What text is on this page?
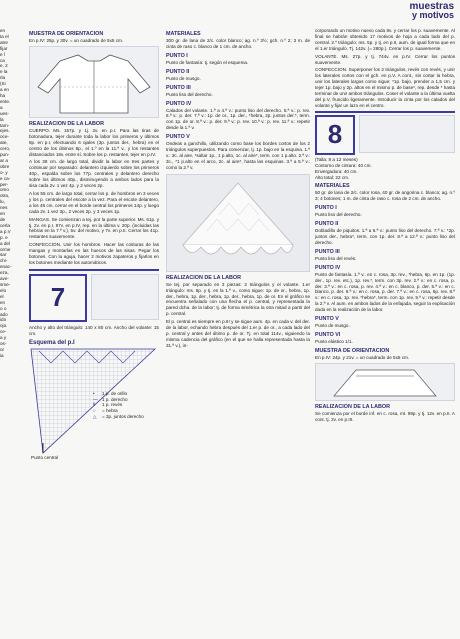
muestras
y motivos
en
ta el
atre
fijar
e l
ca
e, 2
e la
rla
(Si
a en
ha
ente.
a
ues-
la
tam-
ejes.
oce-
ate,
cero,
pun-
ar a
obre
o- y
e ca-
per-
omo
otra,
lu,
nes
en
de
cerla
a p.V
p. e
a del
orme
sar
chi-
enac-
eza,
ave-
sme-
elo
el
en
o o
ado
ido
ojo.
ce-
a y
os-
or
ia
MUESTRA DE ORIENTACION
En p.IV: 25p. y 30v. = un cuadrado de 5x5 cm.
REALIZACION DE LA LABOR
CUERPO. Ms. 157p. y 1j. 2v. en p.I. Para las tiras de botonadura, tejer durante toda la labor los primeros y últimos 8p. en p.I, efectuando 6 ojales (3p. juntos der., hebra) en el centro de los últimos 8p., el 1.º en la 11.ª v., y los restantes distanciados 18v. entre sí. Sobre los p. restantes, tejer en p.IV.
A los 38 cm. de largo total, dividir la labor en tres partes y continuar por separado: delantero izquierdo sobre los primeros 40p., espalda sobre los 77p. centrales y delantero derecho sobre los últimos 40p., disminuyendo a ambos lados para la sisa cada 2v. 1 vez 4p. y 2 veces 2p.
A los 55 cm. de largo total, cerrar los p. de hombros en 3 veces y los p. centrales del escote a la vez. Para el escote delantero, a los 48 cm. cerrar en el borde central los primeros 14p. y luego cada 2v. 1 vez 3p., 2 veces 2p. y 3 veces 1p.
MANGAS. Se comienzan a tej. por la parte superior. Ms. 61p. y tj. 2v. en p.I, 87v. en p.IV, rep. en la última v. 20p. (incluidas las hebras en la 7.ª v.), 5v. del motivo, y 7v. en p.II. Cerrar los 41p. restantes suavemente.
CONFECCION. Unir los hombros. Hacer las costuras de las mangas y montarlas en las huecos de las sisas. Pegar los botones. Con la aguja, hacer 2 motivos zapateros y fijarlos en los botones mediante los automáticos.
7
Ancho y alto del triángulo: 140 x 80 cm. Ancho del volante: 15 cm.
Esquema del p.I
Punto central
•	1 p. de orillo
— 1 p. derecho
‖	1 p. revés
○	= hebra
△	= 3p. juntos derecho
MATERIALES
300 gr. de lana de 2/c. color blanco; ag. n.º 3½; gch. n.º 2; 3 m. de cinta de raso c. blanco de 1 cm. de ancho.
PUNTO I
Punto de fantasía: tj. según el esquema.
PUNTO II
Punto de musgo.
PUNTO III
Punto liso del derecho.
PUNTO IV
Calados del volante. 1.ª a 4.ª v.: punto liso del derecho. 5.ª v.: p. rev. 6.ª v.: p. der. 7.ª v.: 1p. de or., 1p. der., *hebra, 2p. juntos der.*, term. con 1p. de or. 8.ª v.: p. der. 9.ª v.: p. rev. 10.ª v.: p. rev. 11.ª v.: repetir desde la 1.ª v.
PUNTO V
Ondeas a ganchillo, utilizando como base los bordes cortos de los 2 triángulos superpuestos. Para comenzar, tj. 1p. bajo en la esquina. 1.ª v.: 3c. al aire, *saltar 1p., 1 p.alto, 1c. al aire*, term. con 1 p.alto. 2.ª v.: 3c., *1 p.alto en el arco, 2c. al aire*, hasta las esquinas. 3.ª a 5.ª v.: como la 2.ª v.
REALIZACION DE LA LABOR
Se tej. por separado en 3 piezas: 2 triángulos y el volante. 1.er triángulo: ms. 5p. y tj. en la 1.ª v., como sigue: 1p. de or., hebra, 1p. der., hebra, 1p. der., hebra, 1p. der., hebra, 1p. de or. En el gráfico se encuentra señalado con una flecha el p. central, y representada la pared dcha. de la labor; tj. de forma simétrica la otra mitad a partir del p. central.
El p. central es siempre en p.III y se sigue aum. 4p. en cada v. del der. de la labor, echando hebra después del 1.er p. de or., a cada lado del p. central y antes del último p. de or. Tj. en total 114v., siguiendo la misma cadencia del gráfico (en el que se halla representada hasta la 31.ª v.), in-
corporando un motivo nuevo cada 8v. y cerrar los p. suavemente. Al final se habrán obtenido 17 motivos de hoja a cada lado del p. central. 2.º triángulo: ms. 5p. y tj. en p.II, aum. de igual forma que en el 1.er triángulo. Tj. 142v. (= 280p.). Cerrar los p. suavemente.
VOLANTE. Ms. 27p. y tj. 744v. en p.IV. Cerrar los puntos suavemente.
CONFECCION. Superponer los 2 triángulos, revés con revés, y unir los laterales cortos con el gch. en p.V. A cont., sin cortar la hebra, unir los laterales largos como sigue: *1p. bajo, prender a 1,5 cm. y tejer 1p. bajo y 2p. altos en el mismo p. de base*, rep. desde * hasta terminar de unir ambos triángulos. Coser el volante a la última vuelta del p.V, fruncido ligeramente. Introducir la cinta por los calados del volante y fijar un lazo en el centro.
8
(Talla: 8 a 12 meses)
Contorno de cintura: 40 cm.
Envergadura: 40 cm.
Alto total: 22 cm.
MATERIALES
50 gr. de lana de 2/c. color rosa, 40 gr. de angorina c. blanco; ag. n.º 3; 4 botones; 1 m. de cinta de raso c. rosa de 2 cm. de ancho.
PUNTO I
Punto liso del derecho.
PUNTO II
Dobladillo de piquitos. 1.ª a 6.ª v.: punto liso del derecho. 7.ª v.: *2p. juntos der., hebra*, term. con 1p. der. 8.ª a 12.ª v.: punto liso del derecho.
PUNTO III
Punto liso del revés.
PUNTO IV
Punto de fantasía. 1.ª v.: en c. rosa, 3p. rev., *hebra, 6p. en 1p. (1p. der., 1p. rev. etc.), 1p. rev.*, term. con 3p. rev. 2.ª v.: en c. rosa, p. der. 3.ª v.: en c. rosa, p. rev. 4.ª v.: en c. blanco, p. der. 5.ª v.: en c. blanco, p. der. 6.ª v.: en c. rosa, p. der. 7.ª v.: en c. rosa, 6p. rev. 8.ª v.: en c. rosa, 1p. rev. *hebra*, term. con 1p. rev. 9.ª v.: repetir desde la 2.ª v. Al aum. en ambos lados de la enfajada, seguir la explicación dada en la realización de la labor.
PUNTO V
Punto de musgo.
PUNTO VI
Punto elástico 1/1.
MUESTRA DE ORIENTACION
En p.IV: 24p. y 21v. = un cuadrado de 5x5 cm.
REALIZACION DE LA LABOR
Se comienza por el borde inf. en c. rosa, mt. 99p. y tj. 12v. en p.II. A cont. tj. 2v. en p.III.
